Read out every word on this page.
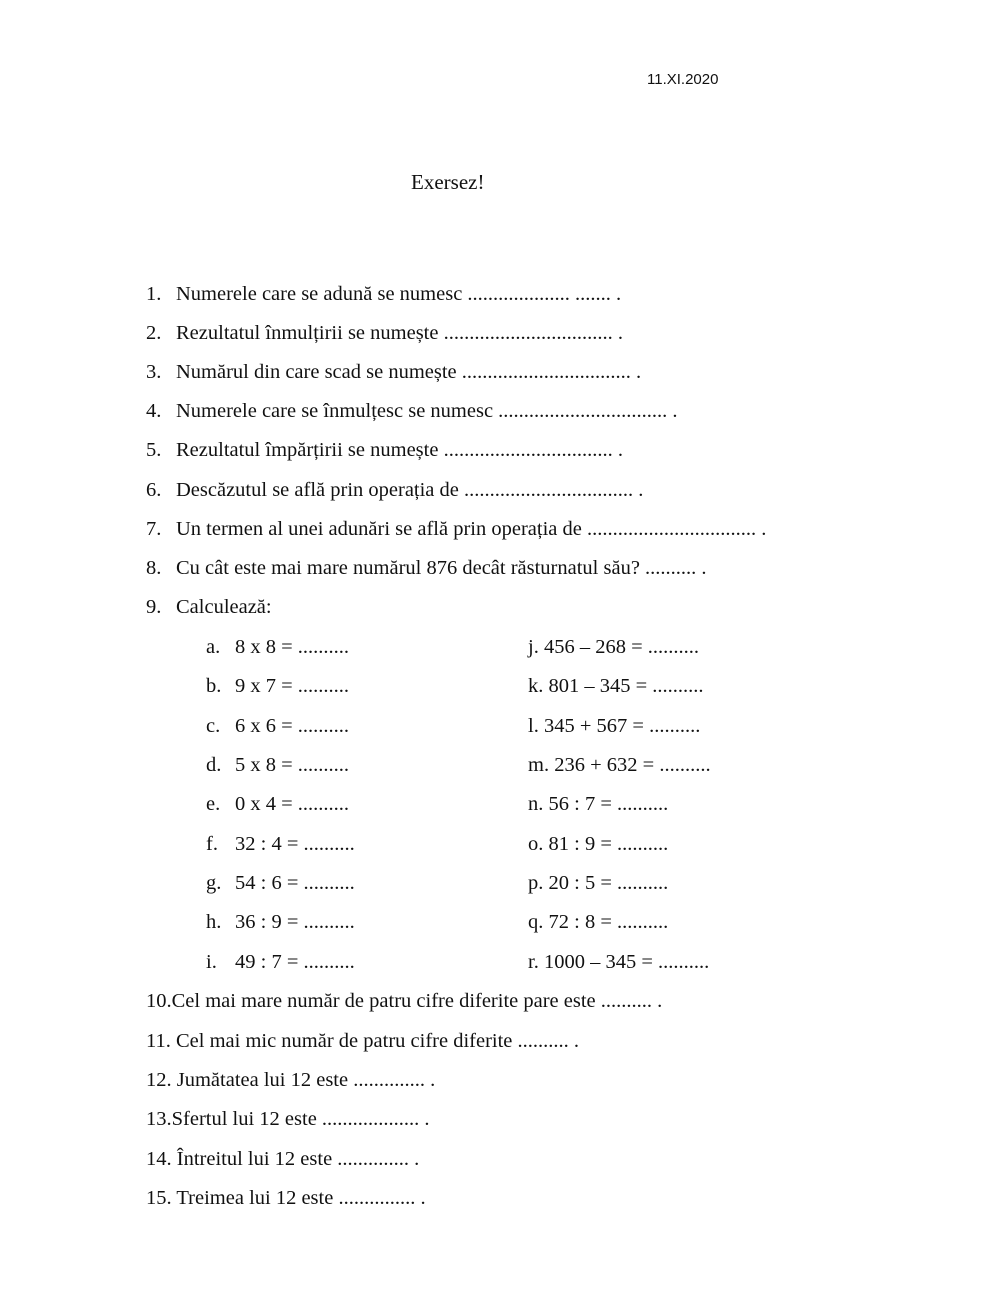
11.XI.2020
Exersez!
1. Numerele care se adună se numesc .................... ....... .
2. Rezultatul înmulțirii se numește ................................. .
3. Numărul din care scad se numește ................................. .
4. Numerele care se înmulțesc se numesc ................................. .
5. Rezultatul împărțirii se numește ................................. .
6. Descăzutul se află prin operația de ................................. .
7. Un termen al unei adunări se află prin operația de ................................. .
8. Cu cât este mai mare numărul 876 decât răsturnatul său? .......... .
9. Calculează:
a. 8 x 8 = ..........
b. 9 x 7 = ..........
c. 6 x 6 = ..........
d. 5 x 8 = ..........
e. 0 x 4 = ..........
f. 32 : 4 = ..........
g. 54 : 6 = ..........
h. 36 : 9 = ..........
i. 49 : 7 = ..........
j. 456 – 268 = ..........
k. 801 – 345 = ..........
l. 345 + 567 = ..........
m. 236 + 632 = ..........
n. 56 : 7 = ..........
o. 81 : 9 = ..........
p. 20 : 5 = ..........
q. 72 : 8 = ..........
r. 1000 – 345 = ..........
10.Cel mai mare număr de patru cifre diferite pare este .......... .
11. Cel mai mic număr de patru cifre diferite .......... .
12. Jumătatea lui 12 este .............. .
13.Sfertul lui 12 este ................... .
14. Întreitul lui 12 este .............. .
15. Treimea lui 12 este ............... .
